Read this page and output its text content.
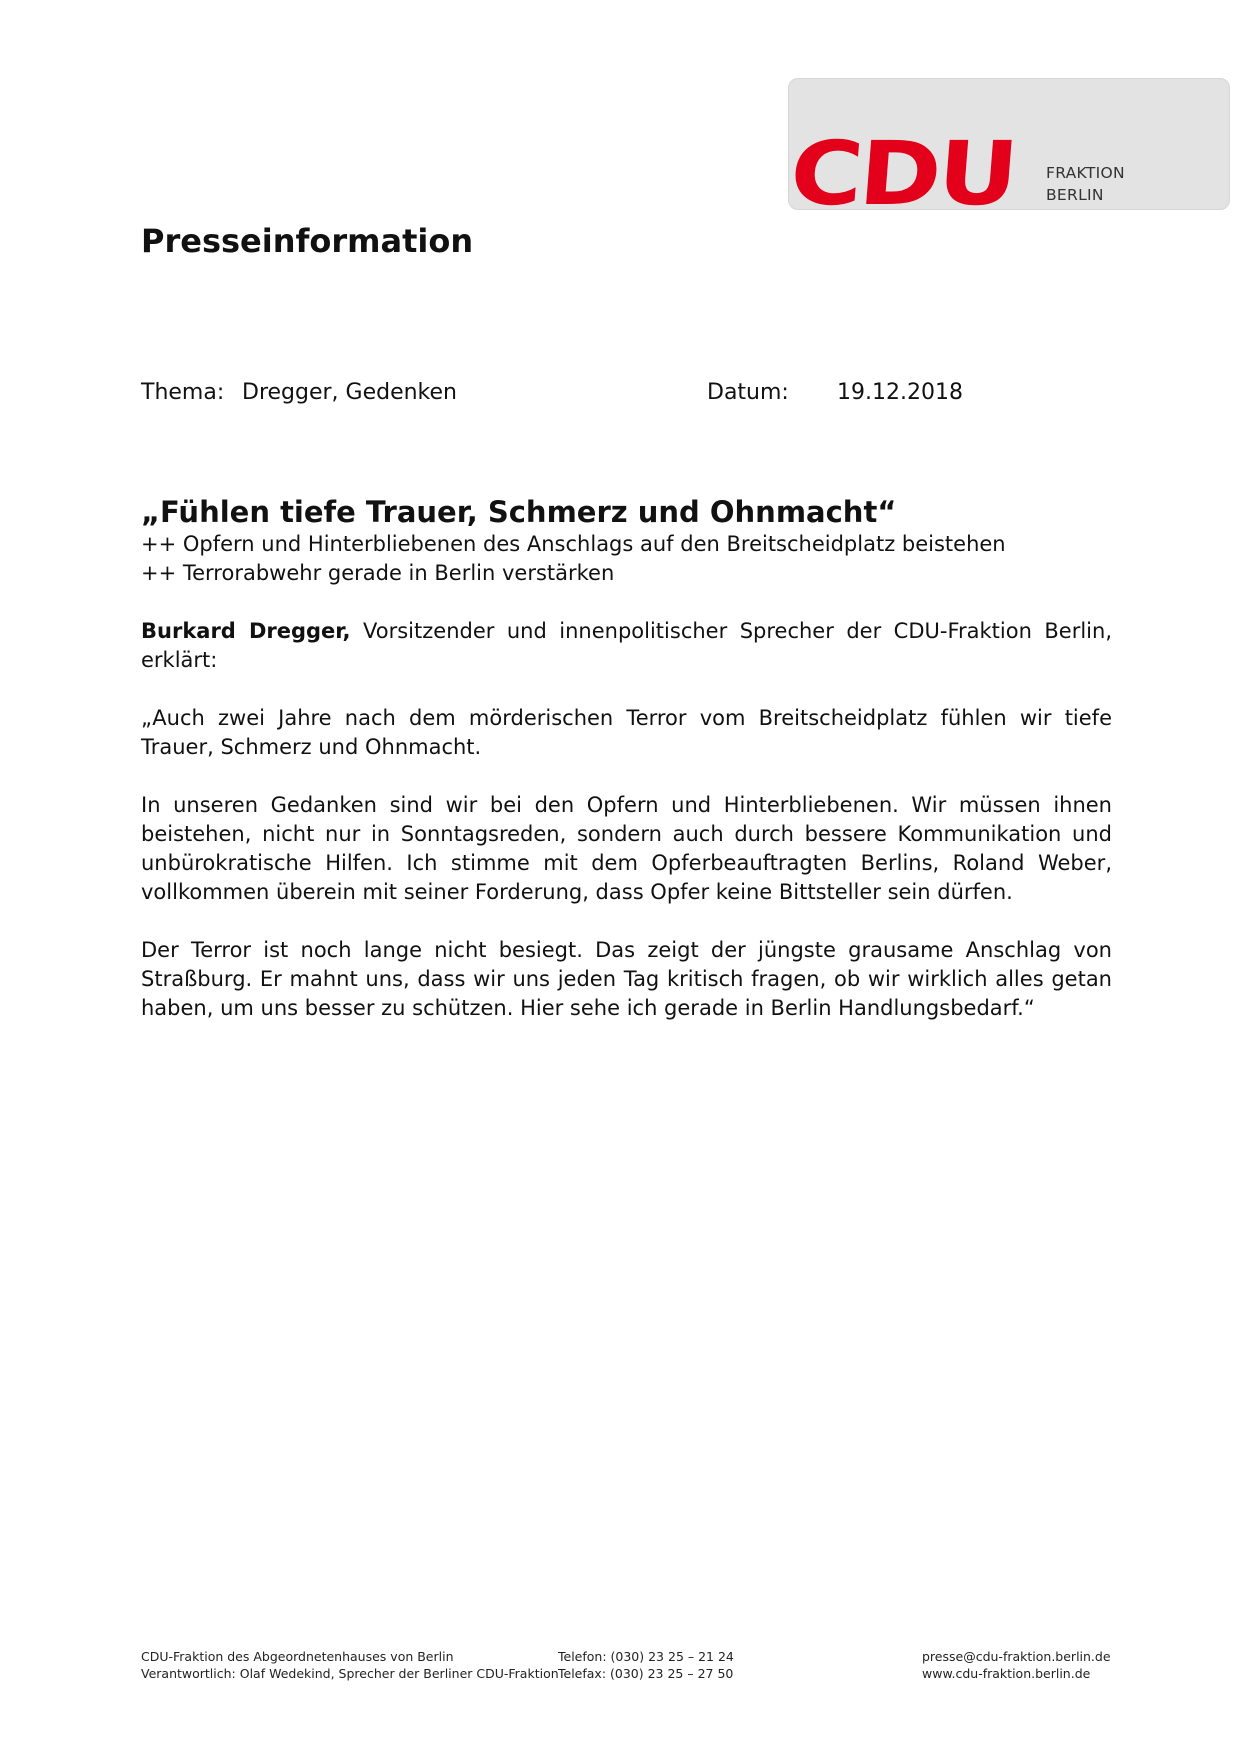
CDU FRAKTION
BERLIN
Presseinformation
Thema: Dregger, Gedenken	Datum: 19.12.2018
„Fühlen tiefe Trauer, Schmerz und Ohnmacht“

++ Opfern und Hinterbliebenen des Anschlags auf den Breitscheidplatz beistehen

++ Terrorabwehr gerade in Berlin verstärken

Burkard Dregger, Vorsitzender und innenpolitischer Sprecher der CDU-Fraktion Berlin, erklärt:

„Auch zwei Jahre nach dem mörderischen Terror vom Breitscheidplatz fühlen wir tiefe Trauer, Schmerz und Ohnmacht.

In unseren Gedanken sind wir bei den Opfern und Hinterbliebenen. Wir müssen ihnen beistehen, nicht nur in Sonntagsreden, sondern auch durch bessere Kommunikation und unbürokratische Hilfen. Ich stimme mit dem Opferbeauftragten Berlins, Roland Weber, vollkommen überein mit seiner Forderung, dass Opfer keine Bittsteller sein dürfen.

Der Terror ist noch lange nicht besiegt. Das zeigt der jüngste grausame Anschlag von Straßburg. Er mahnt uns, dass wir uns jeden Tag kritisch fragen, ob wir wirklich alles getan haben, um uns besser zu schützen. Hier sehe ich gerade in Berlin Handlungsbedarf.“

CDU-Fraktion des Abgeordnetenhauses von Berlin
Verantwortlich: Olaf Wedekind, Sprecher der Berliner CDU-Fraktion
Telefon: (030) 23 25 – 21 24
Telefax: (030) 23 25 – 27 50
presse@cdu-fraktion.berlin.de
www.cdu-fraktion.berlin.de
